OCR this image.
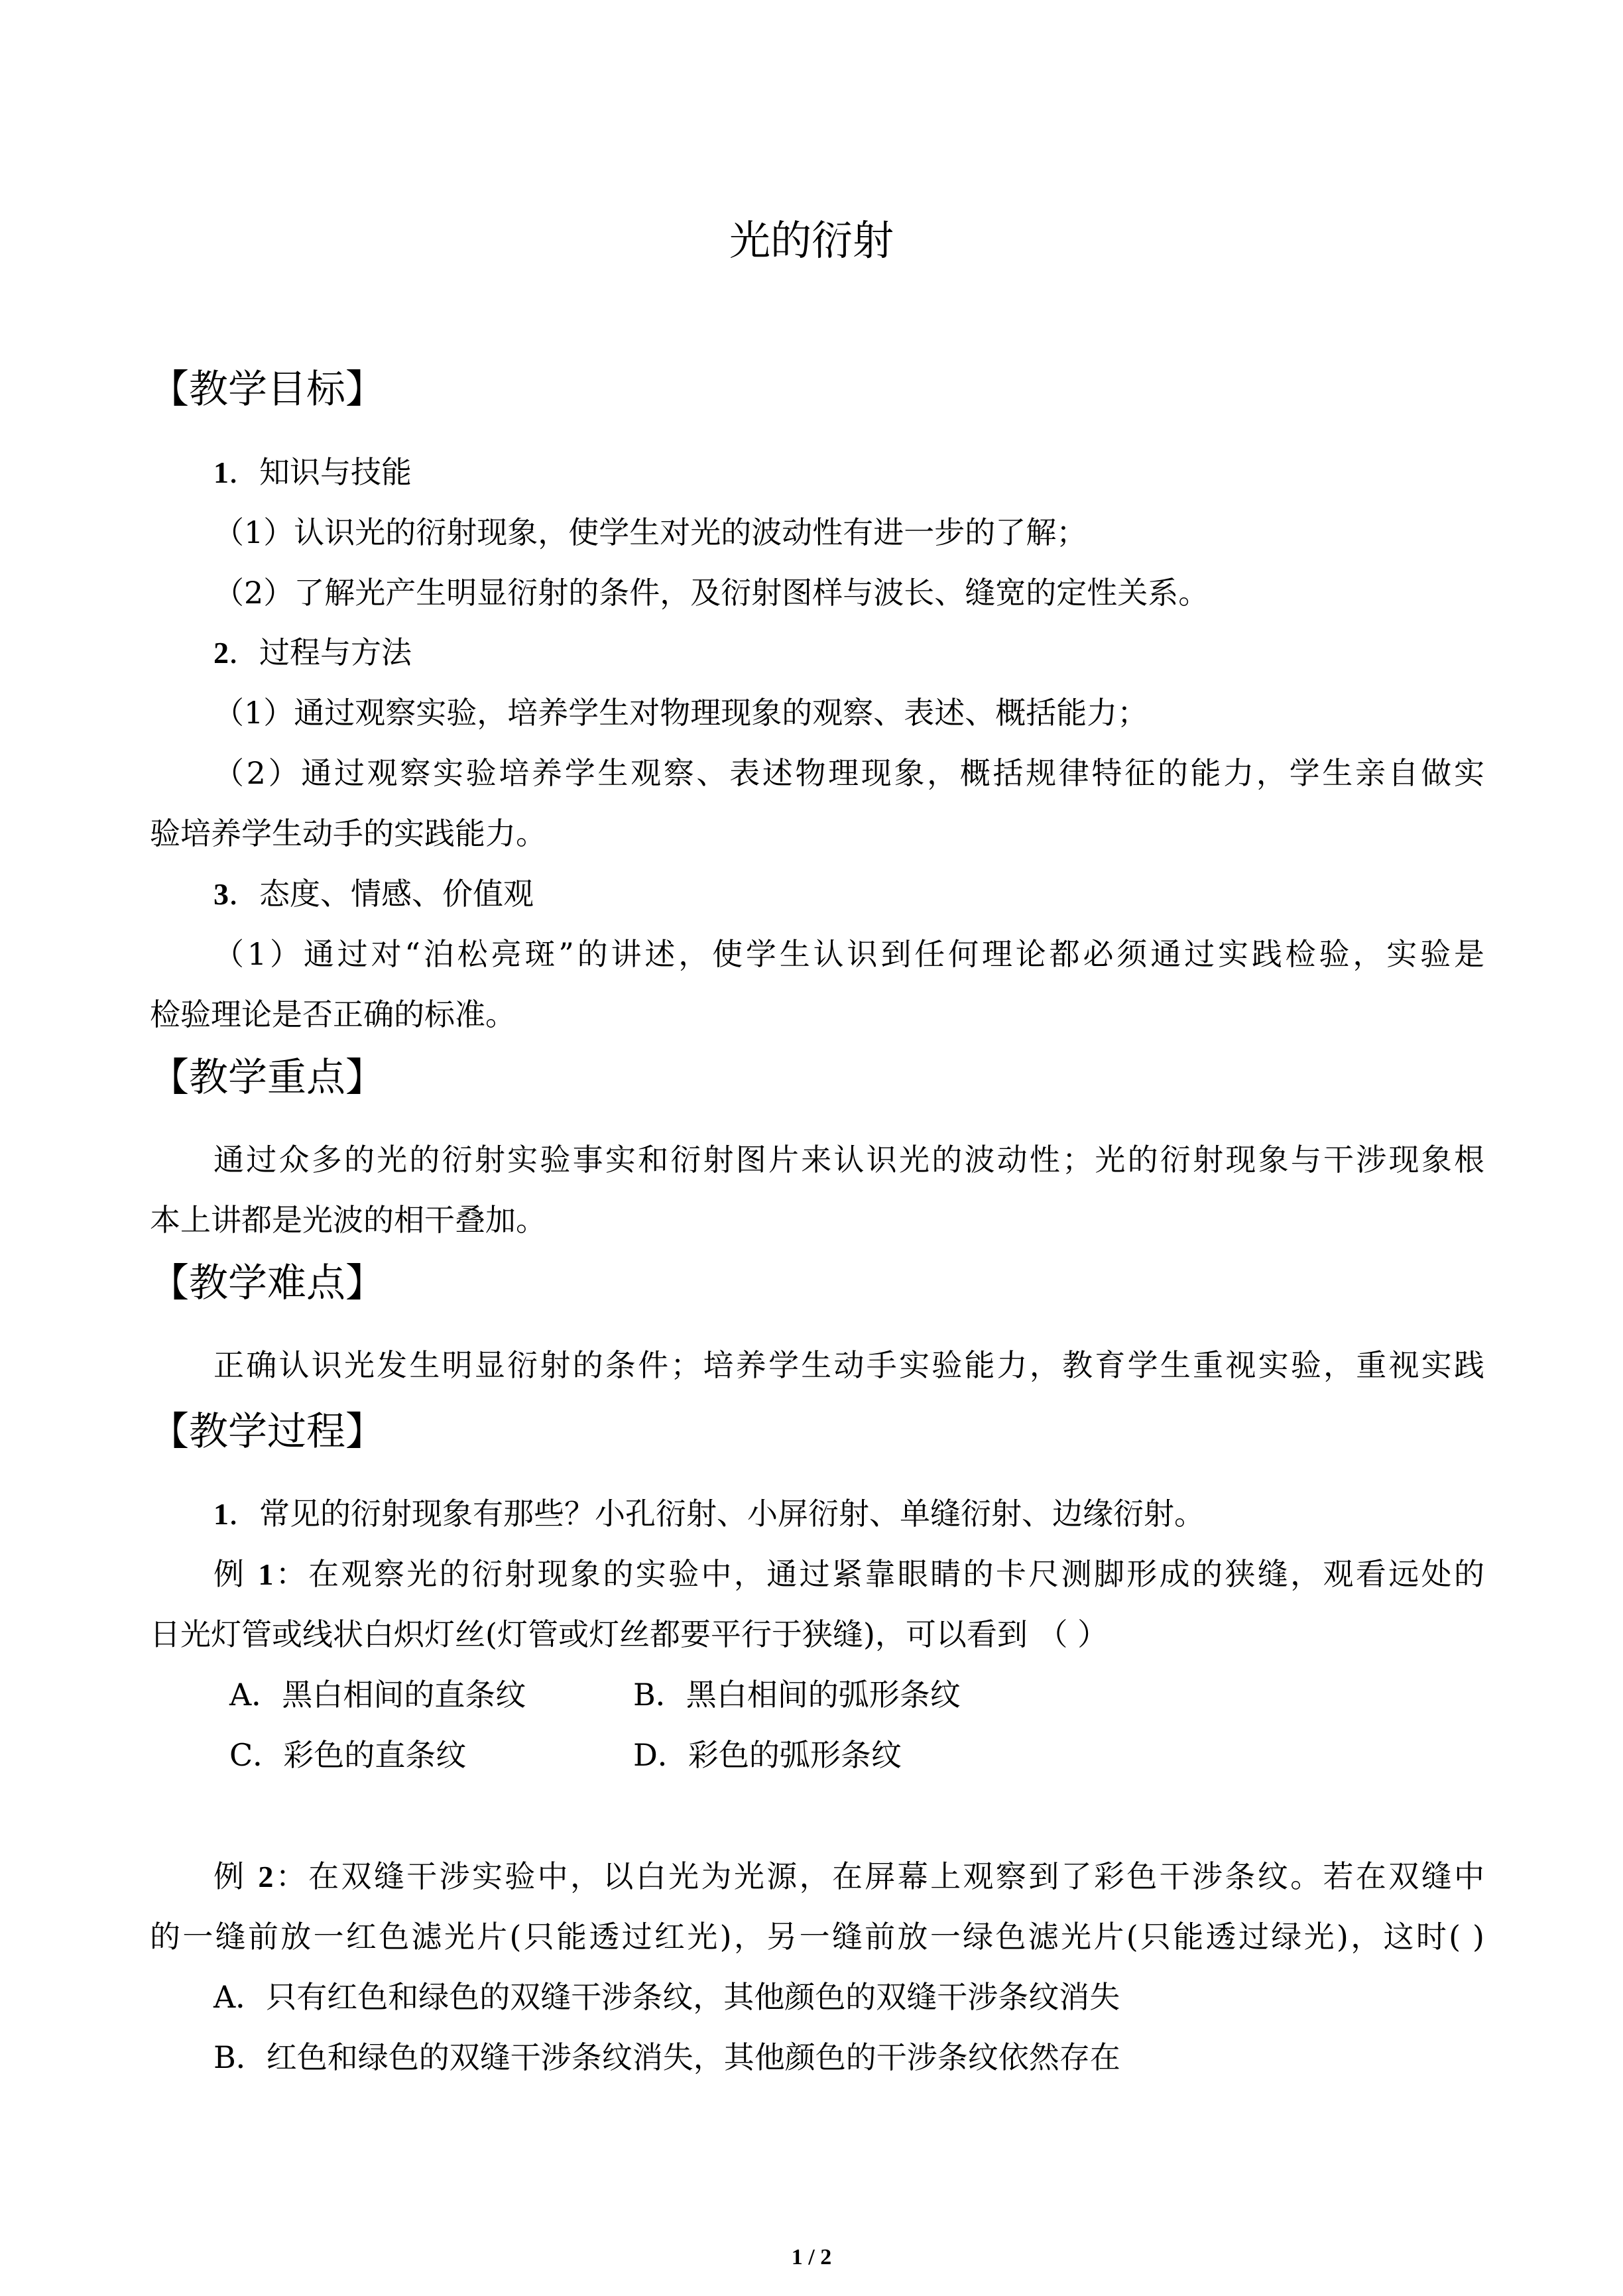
光的衍射
【教学目标】

1．知识与技能

（1）认识光的衍射现象，使学生对光的波动性有进一步的了解；

（2）了解光产生明显衍射的条件，及衍射图样与波长、缝宽的定性关系。

2．过程与方法

（1）通过观察实验，培养学生对物理现象的观察、表述、概括能力；

（2）通过观察实验培养学生观察、表述物理现象，概括规律特征的能力，学生亲自做实

验培养学生动手的实践能力。

3．态度、情感、价值观

（1）通过对“泊松亮斑”的讲述，使学生认识到任何理论都必须通过实践检验，实验是

检验理论是否正确的标准。

【教学重点】

通过众多的光的衍射实验事实和衍射图片来认识光的波动性；光的衍射现象与干涉现象根

本上讲都是光波的相干叠加。

【教学难点】

正确认识光发生明显衍射的条件；培养学生动手实验能力，教育学生重视实验，重视实践

【教学过程】

1．常见的衍射现象有那些？小孔衍射、小屏衍射、单缝衍射、边缘衍射。

例 1：在观察光的衍射现象的实验中，通过紧靠眼睛的卡尺测脚形成的狭缝，观看远处的

日光灯管或线状白炽灯丝(灯管或灯丝都要平行于狭缝)，可以看到 （ ）

A．黑白相间的直条纹	B．黑白相间的弧形条纹

C．彩色的直条纹	D．彩色的弧形条纹

例 2：在双缝干涉实验中，以白光为光源，在屏幕上观察到了彩色干涉条纹。若在双缝中

的一缝前放一红色滤光片(只能透过红光)，另一缝前放一绿色滤光片(只能透过绿光)，这时( )

A．只有红色和绿色的双缝干涉条纹，其他颜色的双缝干涉条纹消失

B．红色和绿色的双缝干涉条纹消失，其他颜色的干涉条纹依然存在

1 / 2
